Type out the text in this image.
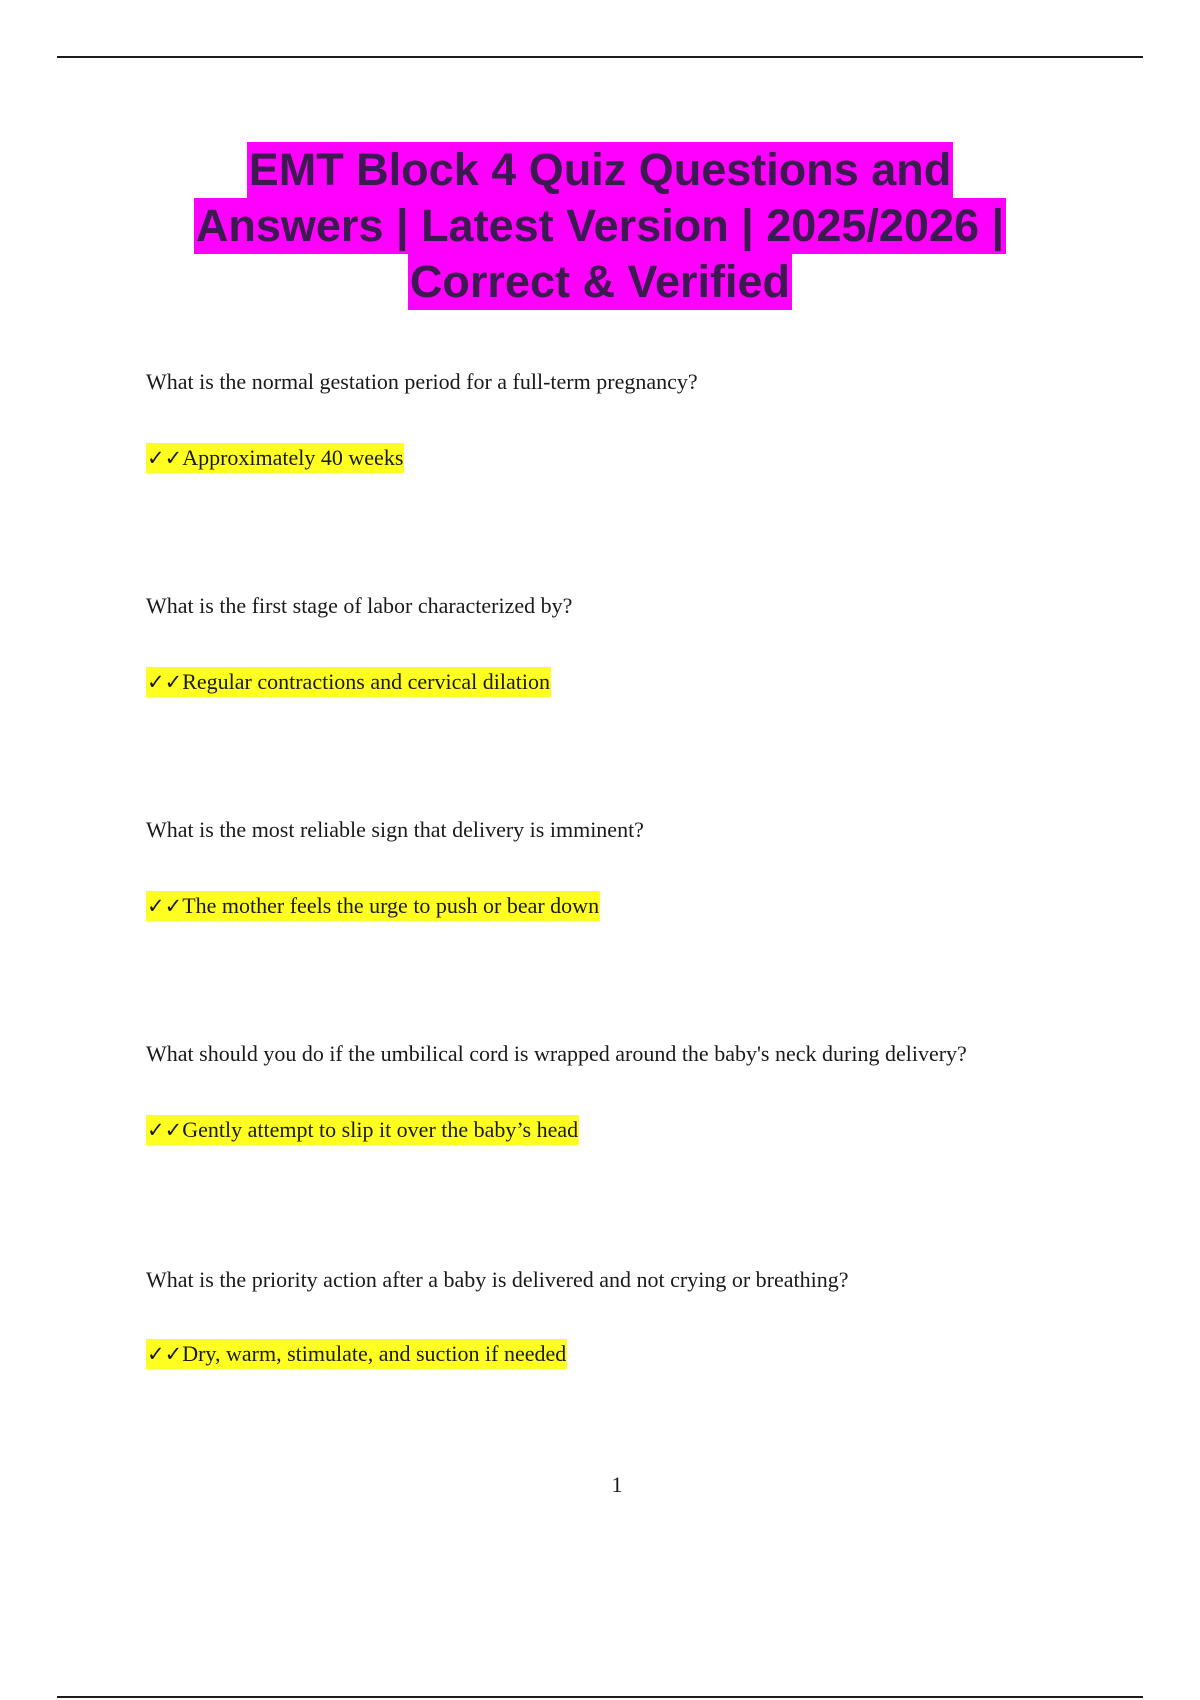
EMT Block 4 Quiz Questions and
Answers | Latest Version | 2025/2026 |
Correct & Verified
What is the normal gestation period for a full-term pregnancy?
✓✓Approximately 40 weeks
What is the first stage of labor characterized by?
✓✓Regular contractions and cervical dilation
What is the most reliable sign that delivery is imminent?
✓✓The mother feels the urge to push or bear down
What should you do if the umbilical cord is wrapped around the baby's neck during delivery?
✓✓Gently attempt to slip it over the baby’s head
What is the priority action after a baby is delivered and not crying or breathing?
✓✓Dry, warm, stimulate, and suction if needed
1
